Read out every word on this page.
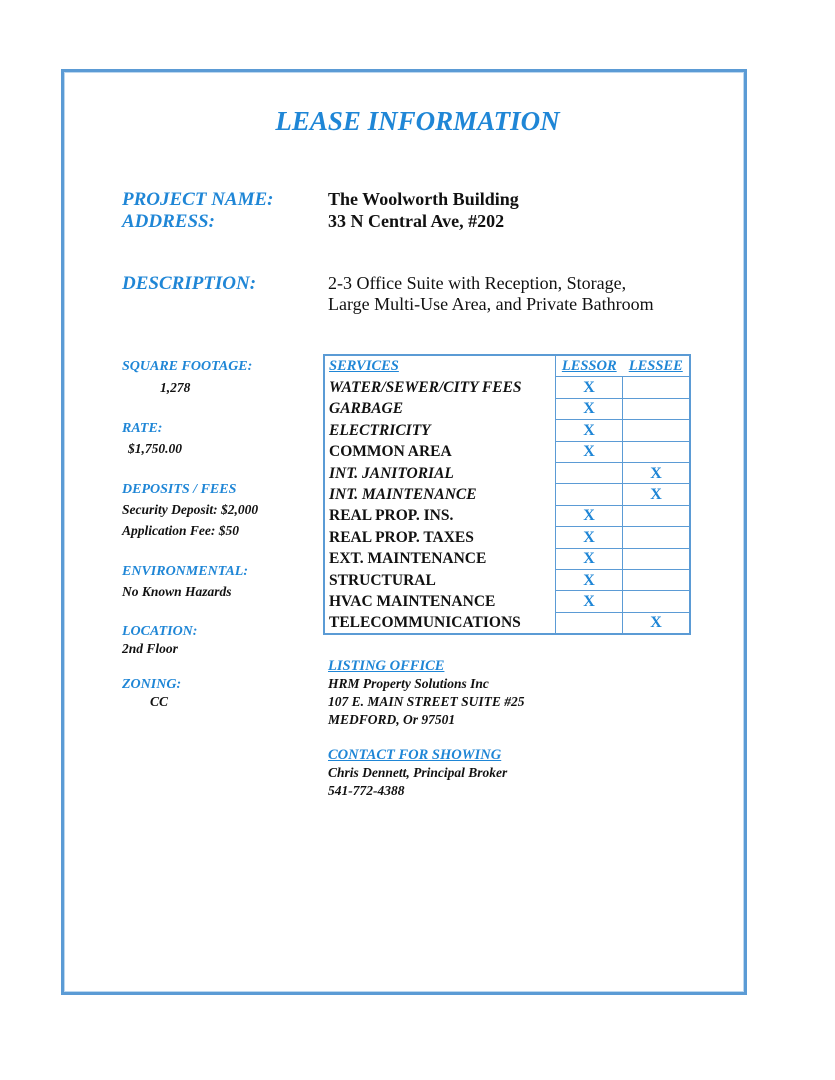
LEASE INFORMATION
PROJECT NAME:	The Woolworth Building
ADDRESS:	33 N Central Ave, #202
DESCRIPTION:	2-3 Office Suite with Reception, Storage,
Large Multi-Use Area, and Private Bathroom
SQUARE FOOTAGE:
1,278
RATE:
$1,750.00
DEPOSITS / FEES
Security Deposit: $2,000
Application Fee: $50
ENVIRONMENTAL:
No Known Hazards
LOCATION:
2nd Floor
ZONING:
CC
SERVICES	LESSOR	LESSEE
WATER/SEWER/CITY FEES	X	
GARBAGE	X	
ELECTRICITY	X	
COMMON AREA	X	
INT. JANITORIAL		X
INT. MAINTENANCE		X
REAL PROP. INS.	X	
REAL PROP. TAXES	X	
EXT. MAINTENANCE	X	
STRUCTURAL	X	
HVAC MAINTENANCE	X	
TELECOMMUNICATIONS		X
LISTING OFFICE
HRM Property Solutions Inc
107 E. MAIN STREET SUITE #25
MEDFORD, Or 97501
CONTACT FOR SHOWING
Chris Dennett, Principal Broker
541-772-4388
